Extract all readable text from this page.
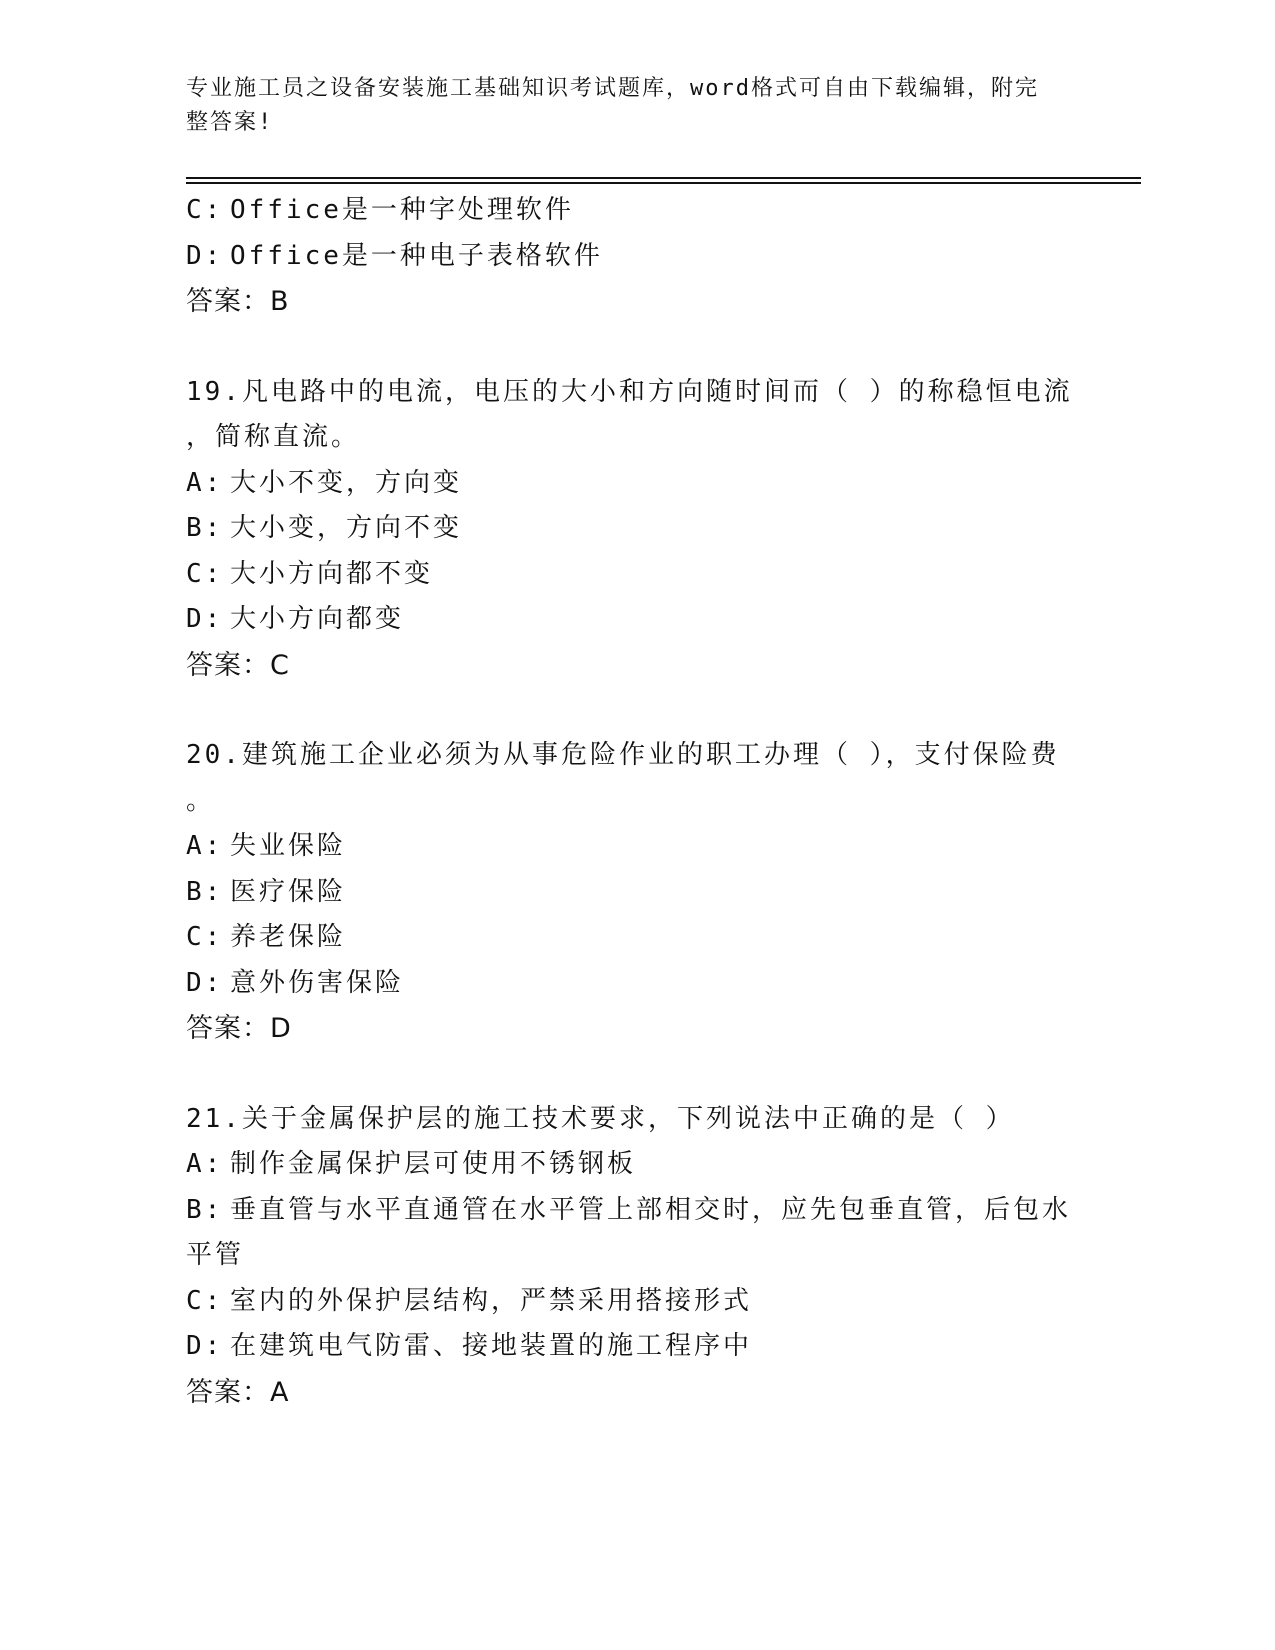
专业施工员之设备安装施工基础知识考试题库，word格式可自由下载编辑，附完
整答案!
C: Office是一种字处理软件
D: Office是一种电子表格软件
答案：B
19.凡电路中的电流，电压的大小和方向随时间而（ ）的称稳恒电流
，简称直流。
A: 大小不变，方向变
B: 大小变，方向不变
C: 大小方向都不变
D: 大小方向都变
答案：C
20.建筑施工企业必须为从事危险作业的职工办理（ ），支付保险费
。
A: 失业保险
B: 医疗保险
C: 养老保险
D: 意外伤害保险
答案：D
21.关于金属保护层的施工技术要求，下列说法中正确的是（ ）
A: 制作金属保护层可使用不锈钢板
B: 垂直管与水平直通管在水平管上部相交时，应先包垂直管，后包水
平管
C: 室内的外保护层结构，严禁采用搭接形式
D: 在建筑电气防雷、接地装置的施工程序中
答案：A
